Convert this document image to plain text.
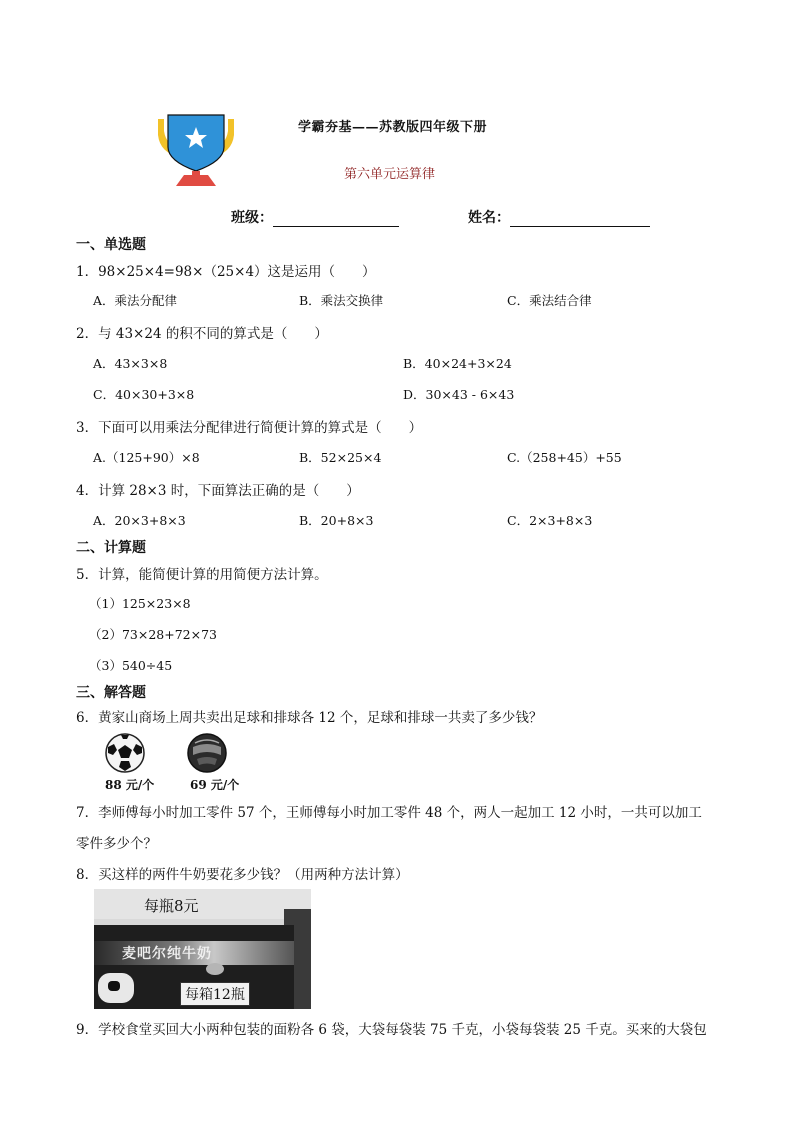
学霸夯基——苏教版四年级下册
第六单元运算律
班级：	姓名：
一、单选题
1．98×25×4=98×（25×4）这是运用（　　）
A．乘法分配律	B．乘法交换律	C．乘法结合律
2．与 43×24 的积不同的算式是（　　）
A．43×3×8	B．40×24+3×24
C．40×30+3×8	D．30×43 - 6×43
3．下面可以用乘法分配律进行简便计算的算式是（　　）
A.（125+90）×8	B．52×25×4	C.（258+45）+55
4．计算 28×3 时，下面算法正确的是（　　）
A．20×3+8×3	B．20+8×3	C．2×3+8×3
二、计算题
5．计算，能简便计算的用简便方法计算。
（1）125×23×8
（2）73×28+72×73
（3）540÷45
三、解答题
6．黄家山商场上周共卖出足球和排球各 12 个，足球和排球一共卖了多少钱？
88 元/个	69 元/个
7．李师傅每小时加工零件 57 个，王师傅每小时加工零件 48 个，两人一起加工 12 小时，一共可以加工
零件多少个？
8．买这样的两件牛奶要花多少钱？（用两种方法计算）
每瓶8元
麦吧尔纯牛奶
每箱12瓶
9．学校食堂买回大小两种包装的面粉各 6 袋，大袋每袋装 75 千克，小袋每袋装 25 千克。买来的大袋包
